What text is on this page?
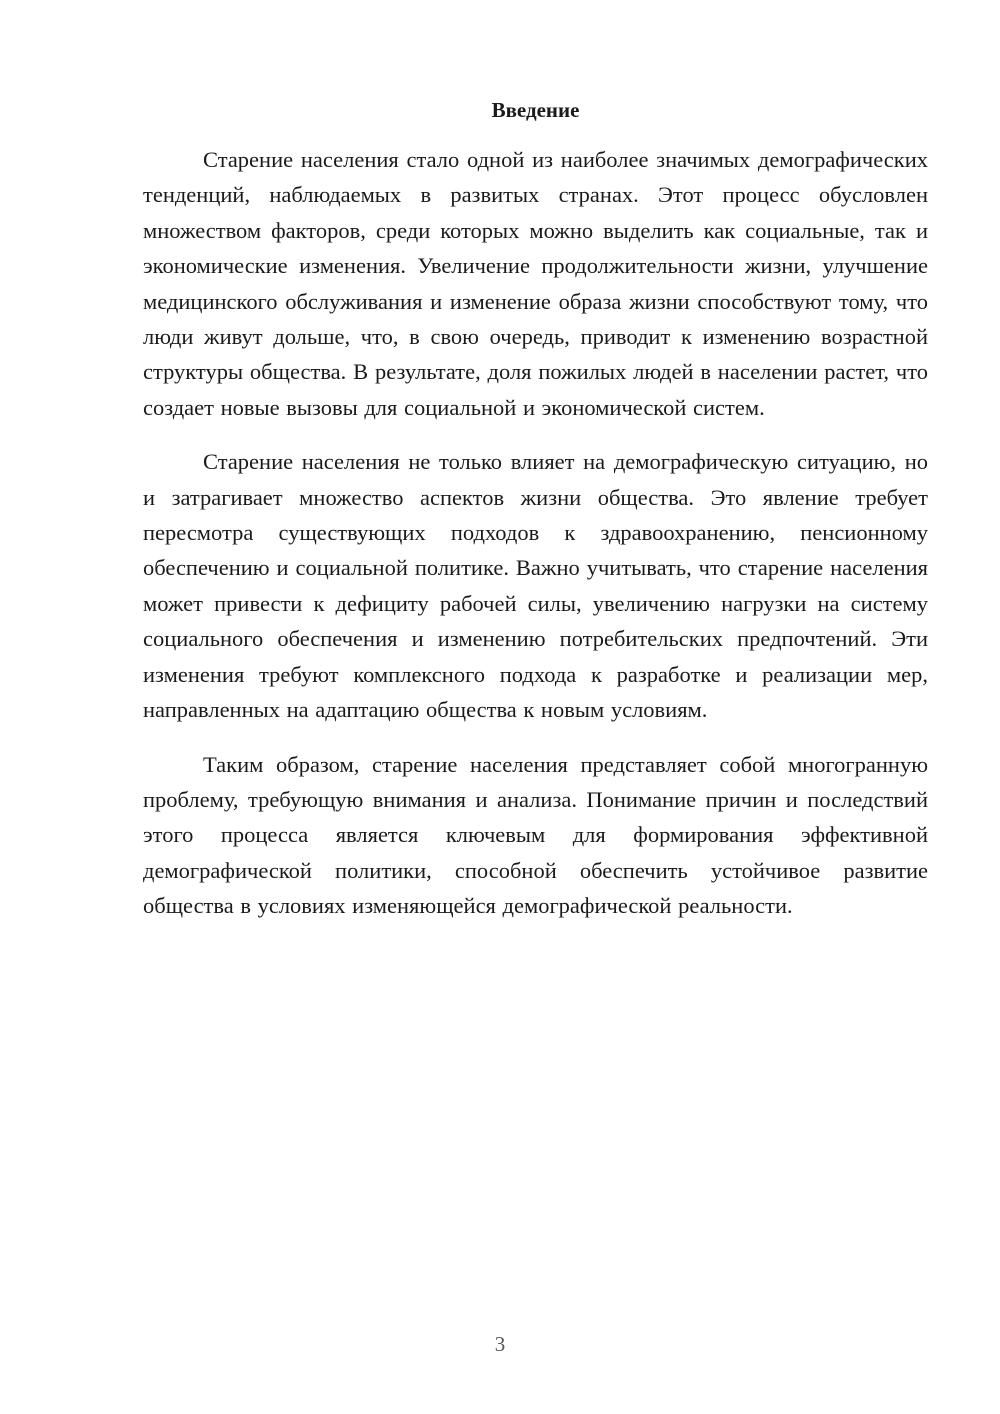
Введение

Старение населения стало одной из наиболее значимых демографических тенденций, наблюдаемых в развитых странах. Этот процесс обусловлен множеством факторов, среди которых можно выделить как социальные, так и экономические изменения. Увеличение продолжительности жизни, улучшение медицинского обслуживания и изменение образа жизни способствуют тому, что люди живут дольше, что, в свою очередь, приводит к изменению возрастной структуры общества. В результате, доля пожилых людей в населении растет, что создает новые вызовы для социальной и экономической систем.

Старение населения не только влияет на демографическую ситуацию, но и затрагивает множество аспектов жизни общества. Это явление требует пересмотра существующих подходов к здравоохранению, пенсионному обеспечению и социальной политике. Важно учитывать, что старение населения может привести к дефициту рабочей силы, увеличению нагрузки на систему социального обеспечения и изменению потребительских предпочтений. Эти изменения требуют комплексного подхода к разработке и реализации мер, направленных на адаптацию общества к новым условиям.

Таким образом, старение населения представляет собой многогранную проблему, требующую внимания и анализа. Понимание причин и последствий этого процесса является ключевым для формирования эффективной демографической политики, способной обеспечить устойчивое развитие общества в условиях изменяющейся демографической реальности.

3
